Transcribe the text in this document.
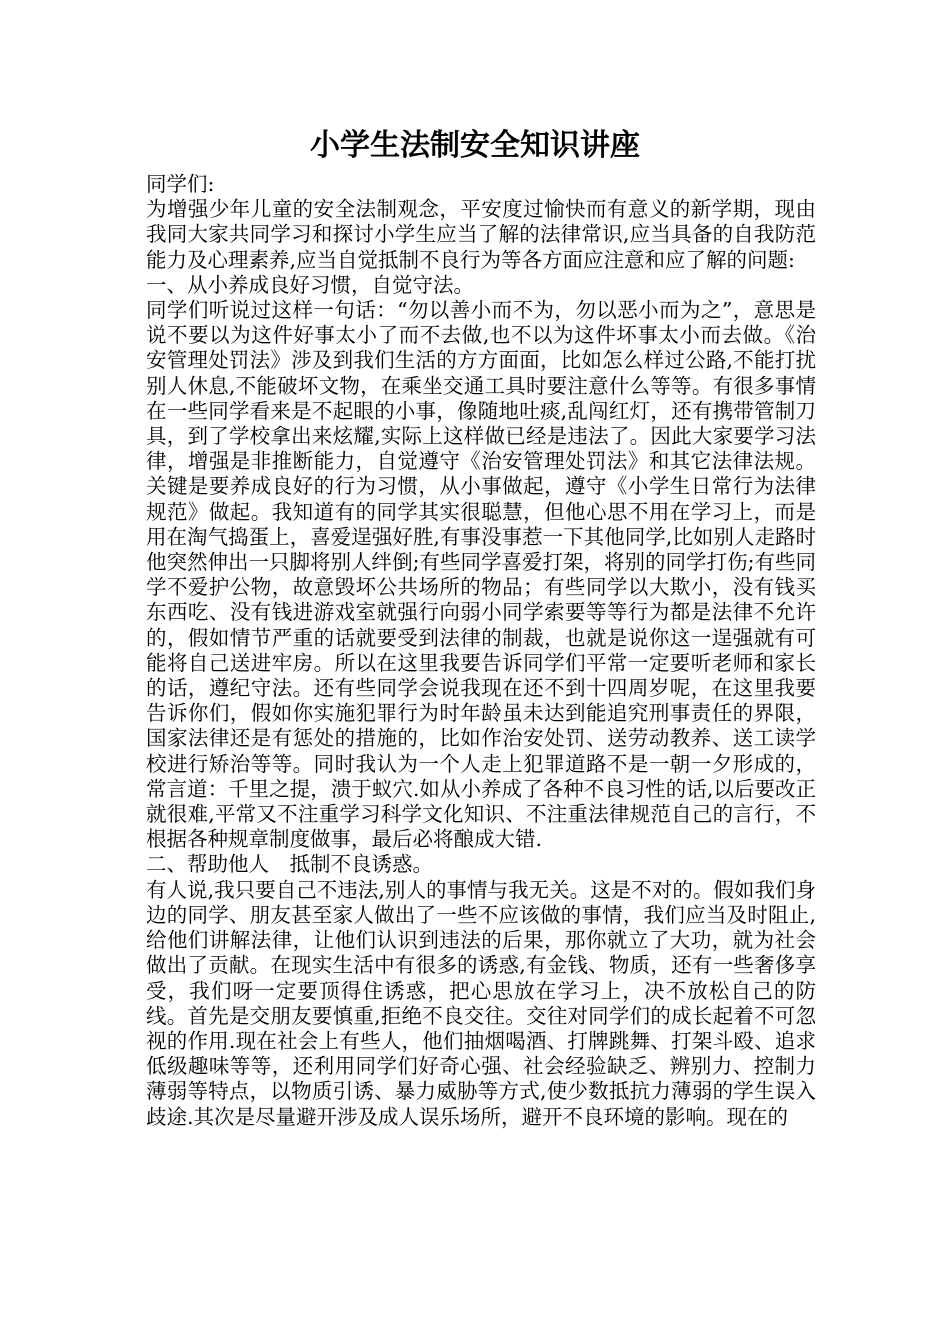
小学生法制安全知识讲座

同学们:

为增强少年儿童的安全法制观念，平安度过愉快而有意义的新学期，现由我同大家共同学习和探讨小学生应当了解的法律常识,应当具备的自我防范能力及心理素养,应当自觉抵制不良行为等各方面应注意和应了解的问题:

一、从小养成良好习惯，自觉守法。

同学们听说过这样一句话：“勿以善小而不为，勿以恶小而为之”，意思是说不要以为这件好事太小了而不去做,也不以为这件坏事太小而去做。《治安管理处罚法》涉及到我们生活的方方面面，比如怎么样过公路,不能打扰别人休息,不能破坏文物，在乘坐交通工具时要注意什么等等。有很多事情在一些同学看来是不起眼的小事，像随地吐痰,乱闯红灯，还有携带管制刀具，到了学校拿出来炫耀,实际上这样做已经是违法了。因此大家要学习法律，增强是非推断能力，自觉遵守《治安管理处罚法》和其它法律法规。关键是要养成良好的行为习惯，从小事做起，遵守《小学生日常行为法律规范》做起。我知道有的同学其实很聪慧，但他心思不用在学习上，而是用在淘气捣蛋上，喜爱逞强好胜,有事没事惹一下其他同学,比如别人走路时他突然伸出一只脚将别人绊倒;有些同学喜爱打架，将别的同学打伤;有些同学不爱护公物，故意毁坏公共场所的物品；有些同学以大欺小，没有钱买东西吃、没有钱进游戏室就强行向弱小同学索要等等行为都是法律不允许的，假如情节严重的话就要受到法律的制裁，也就是说你这一逞强就有可能将自己送进牢房。所以在这里我要告诉同学们平常一定要听老师和家长的话，遵纪守法。还有些同学会说我现在还不到十四周岁呢，在这里我要告诉你们，假如你实施犯罪行为时年龄虽未达到能追究刑事责任的界限，国家法律还是有惩处的措施的，比如作治安处罚、送劳动教养、送工读学校进行矫治等等。同时我认为一个人走上犯罪道路不是一朝一夕形成的，常言道：千里之提，溃于蚁穴.如从小养成了各种不良习性的话,以后要改正就很难,平常又不注重学习科学文化知识、不注重法律规范自己的言行，不根据各种规章制度做事，最后必将酿成大错.

二、帮助他人　抵制不良诱惑。

有人说,我只要自己不违法,别人的事情与我无关。这是不对的。假如我们身边的同学、朋友甚至家人做出了一些不应该做的事情，我们应当及时阻止,给他们讲解法律，让他们认识到违法的后果，那你就立了大功，就为社会做出了贡献。在现实生活中有很多的诱惑,有金钱、物质，还有一些奢侈享受，我们呀一定要顶得住诱惑，把心思放在学习上，决不放松自己的防线。首先是交朋友要慎重,拒绝不良交往。交往对同学们的成长起着不可忽视的作用.现在社会上有些人，他们抽烟喝酒、打牌跳舞、打架斗殴、追求低级趣味等等，还利用同学们好奇心强、社会经验缺乏、辨别力、控制力薄弱等特点，以物质引诱、暴力威胁等方式,使少数抵抗力薄弱的学生误入歧途.其次是尽量避开涉及成人误乐场所，避开不良环境的影响。现在的
